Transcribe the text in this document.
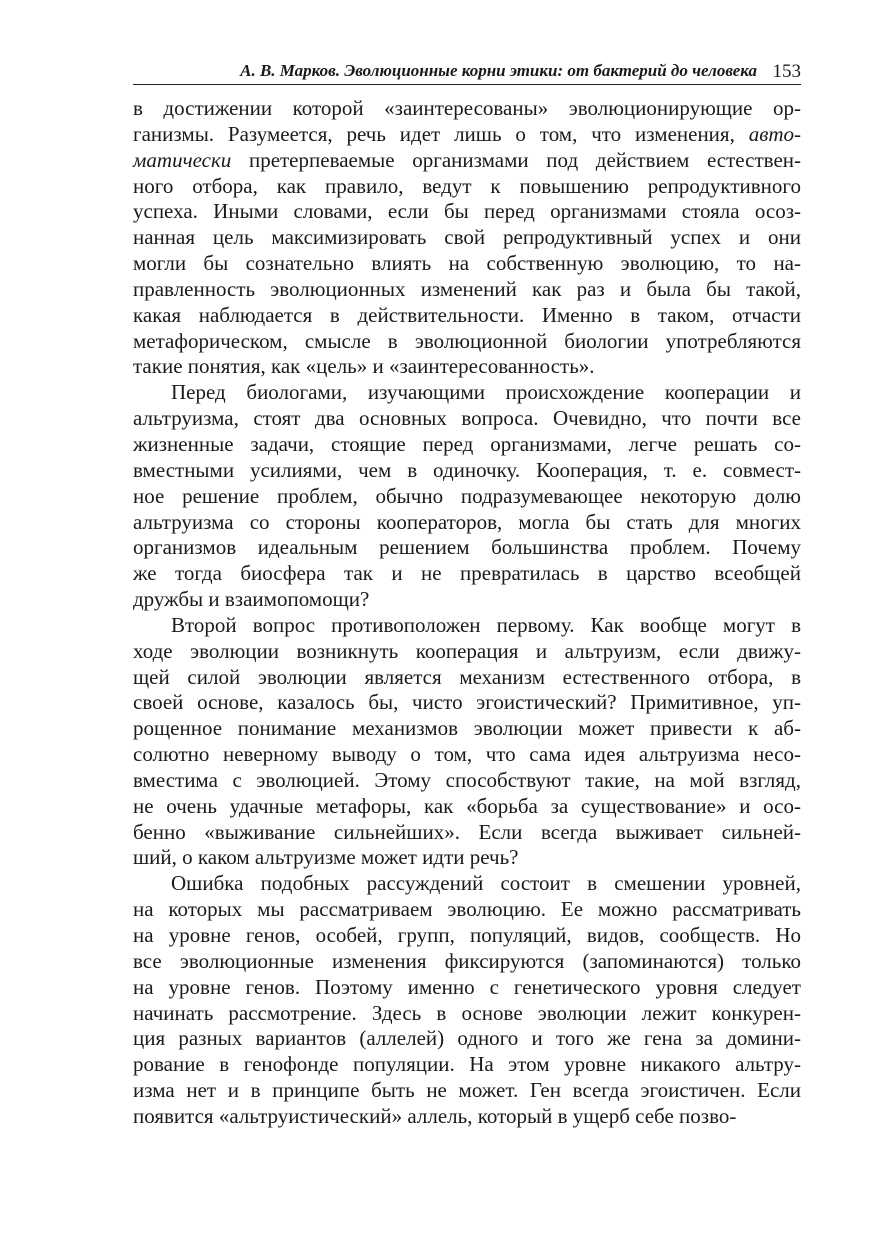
А. В. Марков. Эволюционные корни этики: от бактерий до человека 153
в достижении которой «заинтересованы» эволюционирующие ор-
ганизмы. Разумеется, речь идет лишь о том, что изменения, авто-
матически претерпеваемые организмами под действием естествен-
ного отбора, как правило, ведут к повышению репродуктивного
успеха. Иными словами, если бы перед организмами стояла осоз-
нанная цель максимизировать свой репродуктивный успех и они
могли бы сознательно влиять на собственную эволюцию, то на-
правленность эволюционных изменений как раз и была бы такой,
какая наблюдается в действительности. Именно в таком, отчасти
метафорическом, смысле в эволюционной биологии употребляются
такие понятия, как «цель» и «заинтересованность».
Перед биологами, изучающими происхождение кооперации и
альтруизма, стоят два основных вопроса. Очевидно, что почти все
жизненные задачи, стоящие перед организмами, легче решать со-
вместными усилиями, чем в одиночку. Кооперация, т. е. совмест-
ное решение проблем, обычно подразумевающее некоторую долю
альтруизма со стороны кооператоров, могла бы стать для многих
организмов идеальным решением большинства проблем. Почему
же тогда биосфера так и не превратилась в царство всеобщей
дружбы и взаимопомощи?
Второй вопрос противоположен первому. Как вообще могут в
ходе эволюции возникнуть кооперация и альтруизм, если движу-
щей силой эволюции является механизм естественного отбора, в
своей основе, казалось бы, чисто эгоистический? Примитивное, уп-
рощенное понимание механизмов эволюции может привести к аб-
солютно неверному выводу о том, что сама идея альтруизма несо-
вместима с эволюцией. Этому способствуют такие, на мой взгляд,
не очень удачные метафоры, как «борьба за существование» и осо-
бенно «выживание сильнейших». Если всегда выживает сильней-
ший, о каком альтруизме может идти речь?
Ошибка подобных рассуждений состоит в смешении уровней,
на которых мы рассматриваем эволюцию. Ее можно рассматривать
на уровне генов, особей, групп, популяций, видов, сообществ. Но
все эволюционные изменения фиксируются (запоминаются) только
на уровне генов. Поэтому именно с генетического уровня следует
начинать рассмотрение. Здесь в основе эволюции лежит конкурен-
ция разных вариантов (аллелей) одного и того же гена за домини-
рование в генофонде популяции. На этом уровне никакого альтру-
изма нет и в принципе быть не может. Ген всегда эгоистичен. Если
появится «альтруистический» аллель, который в ущерб себе позво-
